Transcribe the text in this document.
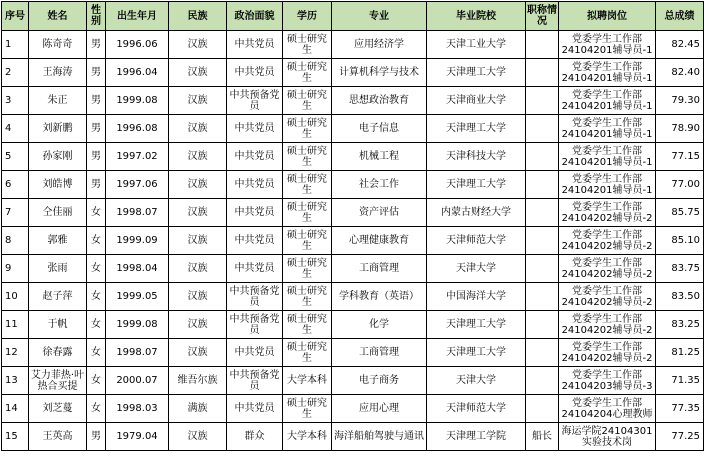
序号	姓名	性别	出生年月	民族	政治面貌	学历	专业	毕业院校	职称情况	拟聘岗位	总成绩
1	陈奇奇	男	1996.06	汉族	中共党员	硕士研究生	应用经济学	天津工业大学		党委学生工作部24104201辅导员-1	82.45
2	王海涛	男	1996.04	汉族	中共党员	硕士研究生	计算机科学与技术	天津理工大学		党委学生工作部24104201辅导员-1	82.40
3	朱正	男	1999.08	汉族	中共预备党员	硕士研究生	思想政治教育	天津商业大学		党委学生工作部24104201辅导员-1	79.30
4	刘新鹏	男	1996.08	汉族	中共党员	硕士研究生	电子信息	天津理工大学		党委学生工作部24104201辅导员-1	78.90
5	孙家刚	男	1997.02	汉族	中共党员	硕士研究生	机械工程	天津科技大学		党委学生工作部24104201辅导员-1	77.15
6	刘皓博	男	1997.06	汉族	中共党员	硕士研究生	社会工作	天津理工大学		党委学生工作部24104201辅导员-1	77.00
7	仝佳丽	女	1998.07	汉族	中共党员	硕士研究生	资产评估	内蒙古财经大学		党委学生工作部24104202辅导员-2	85.75
8	郭雅	女	1999.09	汉族	中共党员	硕士研究生	心理健康教育	天津师范大学		党委学生工作部24104202辅导员-2	85.10
9	张雨	女	1998.04	汉族	中共党员	硕士研究生	工商管理	天津大学		党委学生工作部24104202辅导员-2	83.75
10	赵子萍	女	1999.05	汉族	中共预备党员	硕士研究生	学科教育（英语）	中国海洋大学		党委学生工作部24104202辅导员-2	83.50
11	于帆	女	1999.08	汉族	中共预备党员	硕士研究生	化学	天津理工大学		党委学生工作部24104202辅导员-2	83.25
12	徐春露	女	1998.07	汉族	中共党员	硕士研究生	工商管理	天津理工大学		党委学生工作部24104202辅导员-2	81.25
13	艾力菲热·叶热合买提	女	2000.07	维吾尔族	中共预备党员	大学本科	电子商务	天津大学		党委学生工作部24104203辅导员-3	71.35
14	刘芝蔓	女	1998.03	满族	中共党员	硕士研究生	应用心理	天津师范大学		党委学生工作部24104204心理教师	77.35
15	王英高	男	1979.04	汉族	群众	大学本科	海洋船舶驾驶与通讯	天津理工学院	船长	海运学院24104301实验技术岗	77.25
